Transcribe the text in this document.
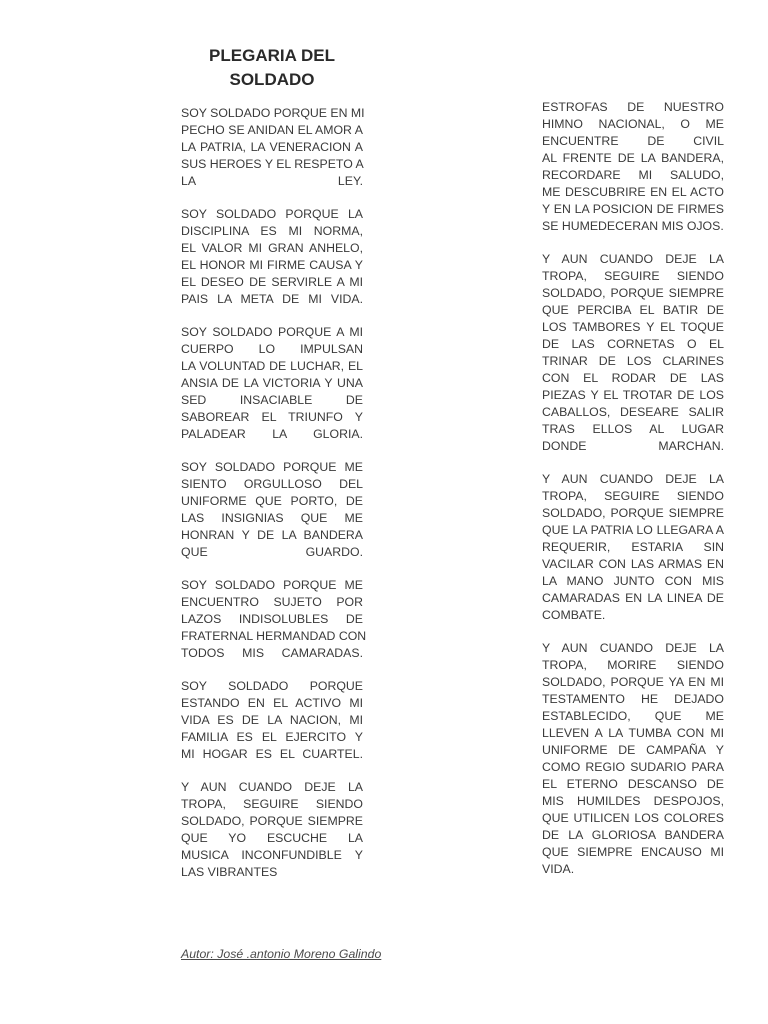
PLEGARIA DEL
SOLDADO
SOY SOLDADO PORQUE EN MI
PECHO SE ANIDAN EL AMOR A
LA PATRIA, LA VENERACION A
SUS HEROES Y EL RESPETO A
LA LEY.
SOY SOLDADO PORQUE LA
DISCIPLINA ES MI NORMA,
EL VALOR MI GRAN ANHELO,
EL HONOR MI FIRME CAUSA Y
EL DESEO DE SERVIRLE A MI
PAIS LA META DE MI VIDA.
SOY SOLDADO PORQUE A MI
CUERPO LO IMPULSAN
LA VOLUNTAD DE LUCHAR, EL
ANSIA DE LA VICTORIA Y UNA
SED INSACIABLE DE
SABOREAR EL TRIUNFO Y
PALADEAR LA GLORIA.
SOY SOLDADO PORQUE ME
SIENTO ORGULLOSO DEL
UNIFORME QUE PORTO, DE
LAS INSIGNIAS QUE ME
HONRAN Y DE LA BANDERA
QUE GUARDO.
SOY SOLDADO PORQUE ME
ENCUENTRO SUJETO POR
LAZOS INDISOLUBLES DE
FRATERNAL HERMANDAD CON
TODOS MIS CAMARADAS.
SOY SOLDADO PORQUE
ESTANDO EN EL ACTIVO MI
VIDA ES DE LA NACION, MI
FAMILIA ES EL EJERCITO Y
MI HOGAR ES EL CUARTEL.
Y AUN CUANDO DEJE LA
TROPA, SEGUIRE SIENDO
SOLDADO, PORQUE SIEMPRE
QUE YO ESCUCHE LA
MUSICA INCONFUNDIBLE Y
LAS VIBRANTES
ESTROFAS DE NUESTRO
HIMNO NACIONAL, O ME
ENCUENTRE DE CIVIL
AL FRENTE DE LA BANDERA,
RECORDARE MI SALUDO,
ME DESCUBRIRE EN EL ACTO
Y EN LA POSICION DE FIRMES
SE HUMEDECERAN MIS OJOS.
Y AUN CUANDO DEJE LA
TROPA, SEGUIRE SIENDO
SOLDADO, PORQUE SIEMPRE
QUE PERCIBA EL BATIR DE
LOS TAMBORES Y EL TOQUE
DE LAS CORNETAS O EL
TRINAR DE LOS CLARINES
CON EL RODAR DE LAS
PIEZAS Y EL TROTAR DE LOS
CABALLOS, DESEARE SALIR
TRAS ELLOS AL LUGAR
DONDE MARCHAN.
Y AUN CUANDO DEJE LA
TROPA, SEGUIRE SIENDO
SOLDADO, PORQUE SIEMPRE
QUE LA PATRIA LO LLEGARA A
REQUERIR, ESTARIA SIN
VACILAR CON LAS ARMAS EN
LA MANO JUNTO CON MIS
CAMARADAS EN LA LINEA DE
COMBATE.
Y AUN CUANDO DEJE LA
TROPA, MORIRE SIENDO
SOLDADO, PORQUE YA EN MI
TESTAMENTO HE DEJADO
ESTABLECIDO, QUE ME
LLEVEN A LA TUMBA CON MI
UNIFORME DE CAMPAÑA Y
COMO REGIO SUDARIO PARA
EL ETERNO DESCANSO DE
MIS HUMILDES DESPOJOS,
QUE UTILICEN LOS COLORES
DE LA GLORIOSA BANDERA
QUE SIEMPRE ENCAUSO MI
VIDA.
Autor: José .antonio Moreno Galindo
